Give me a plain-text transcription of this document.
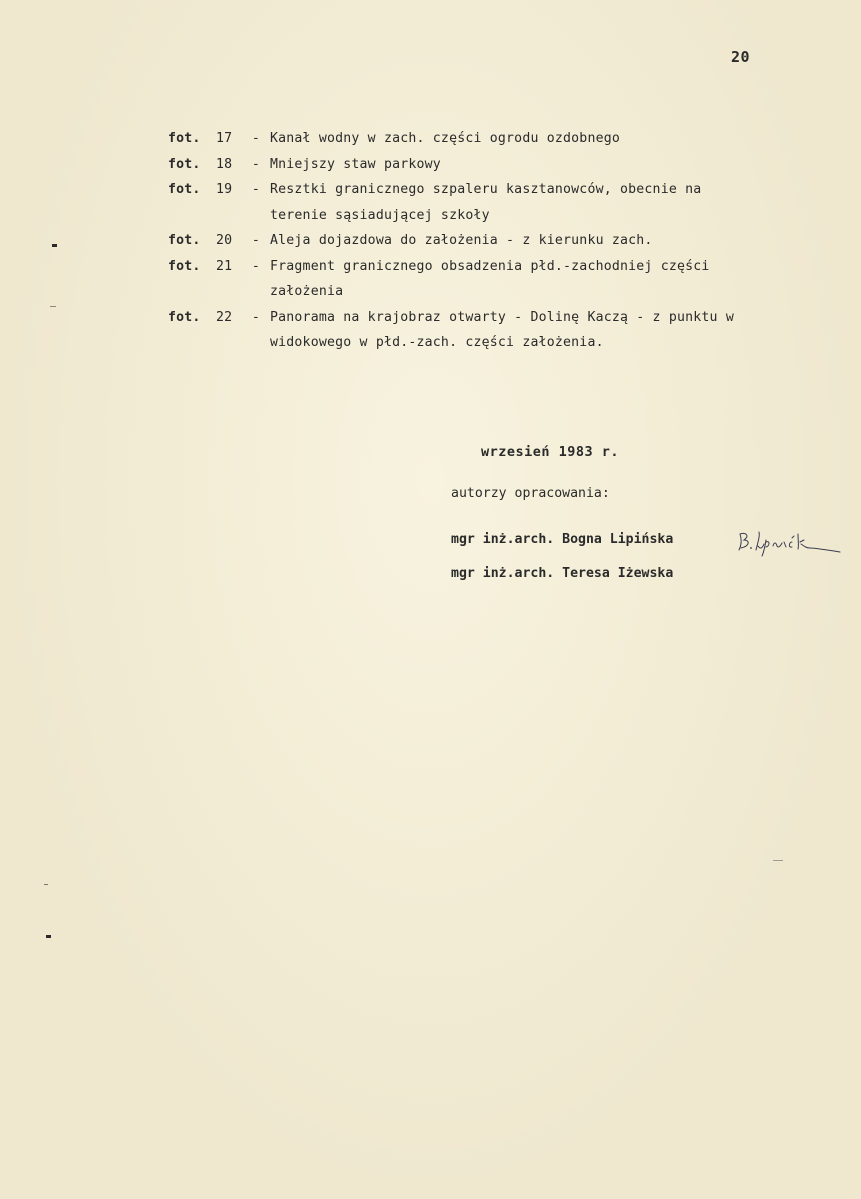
20
fot. 17 - Kanał wodny w zach. części ogrodu ozdobnego
fot. 18 - Mniejszy staw parkowy
fot. 19 - Resztki granicznego szpaleru kasztanowców, obecnie na
terenie sąsiadującej szkoły
fot. 20 - Aleja dojazdowa do założenia - z kierunku zach.
fot. 21 - Fragment granicznego obsadzenia płd.-zachodniej części
założenia
fot. 22 - Panorama na krajobraz otwarty - Dolinę Kaczą - z punktu w
widokowego w płd.-zach. części założenia.
wrzesień 1983 r.
autorzy opracowania:
mgr inż.arch. Bogna Lipińska
mgr inż.arch. Teresa Iżewska
